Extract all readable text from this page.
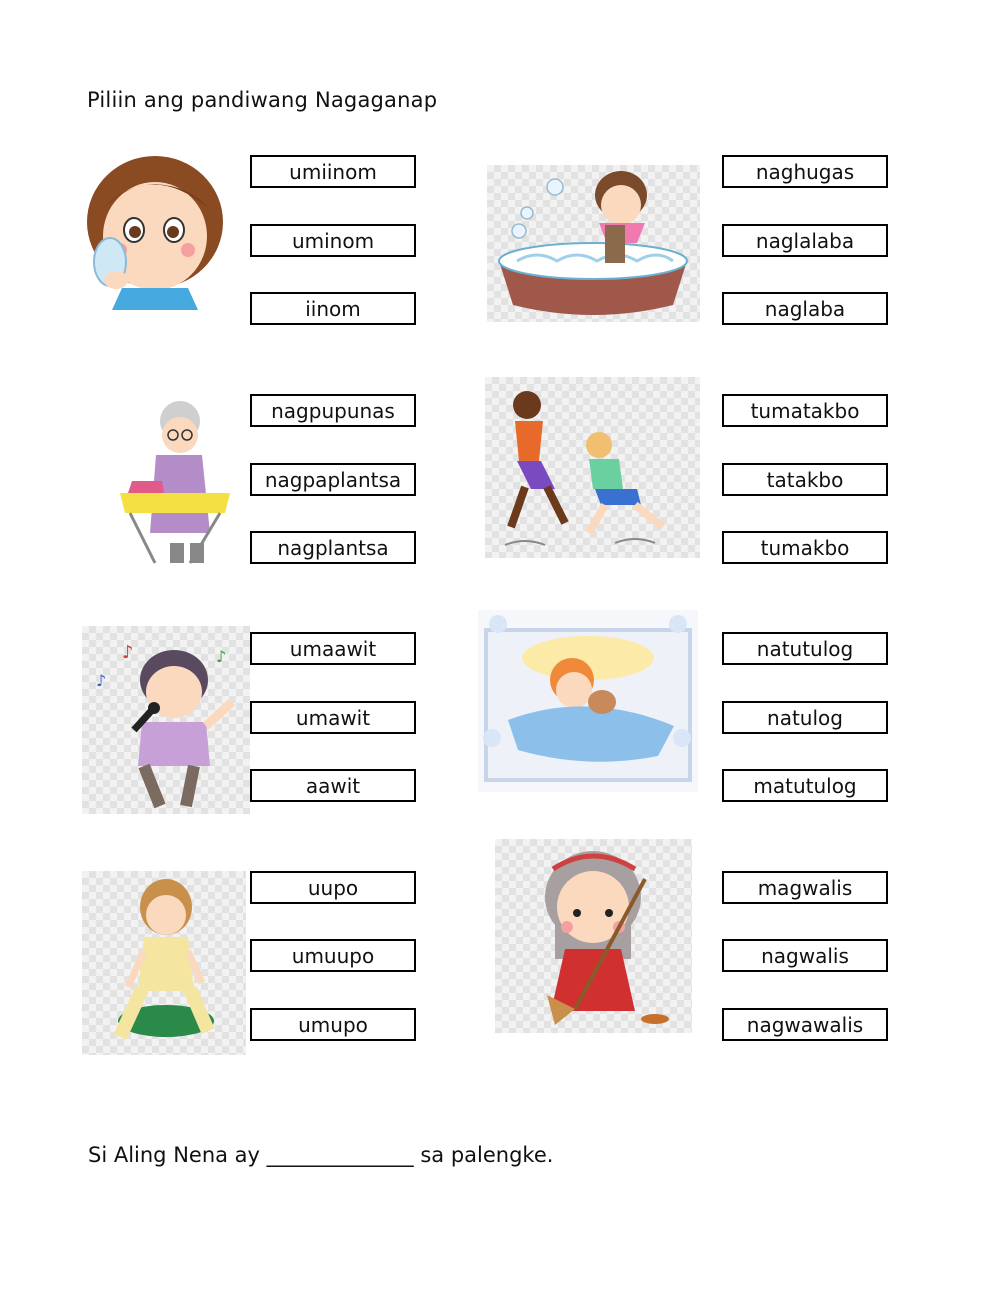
Piliin ang pandiwang Nagaganap
umiinom
uminom
iinom
naghugas
naglalaba
naglaba
nagpupunas
nagpaplantsa
nagplantsa
tumatakbo
tatakbo
tumakbo
♪
♪
♪	umaawit
umawit
aawit
natutulog
natulog
matutulog
uupo
umuupo
umupo
magwalis
nagwalis
nagwawalis
Si Aling Nena ay ______________ sa palengke.
